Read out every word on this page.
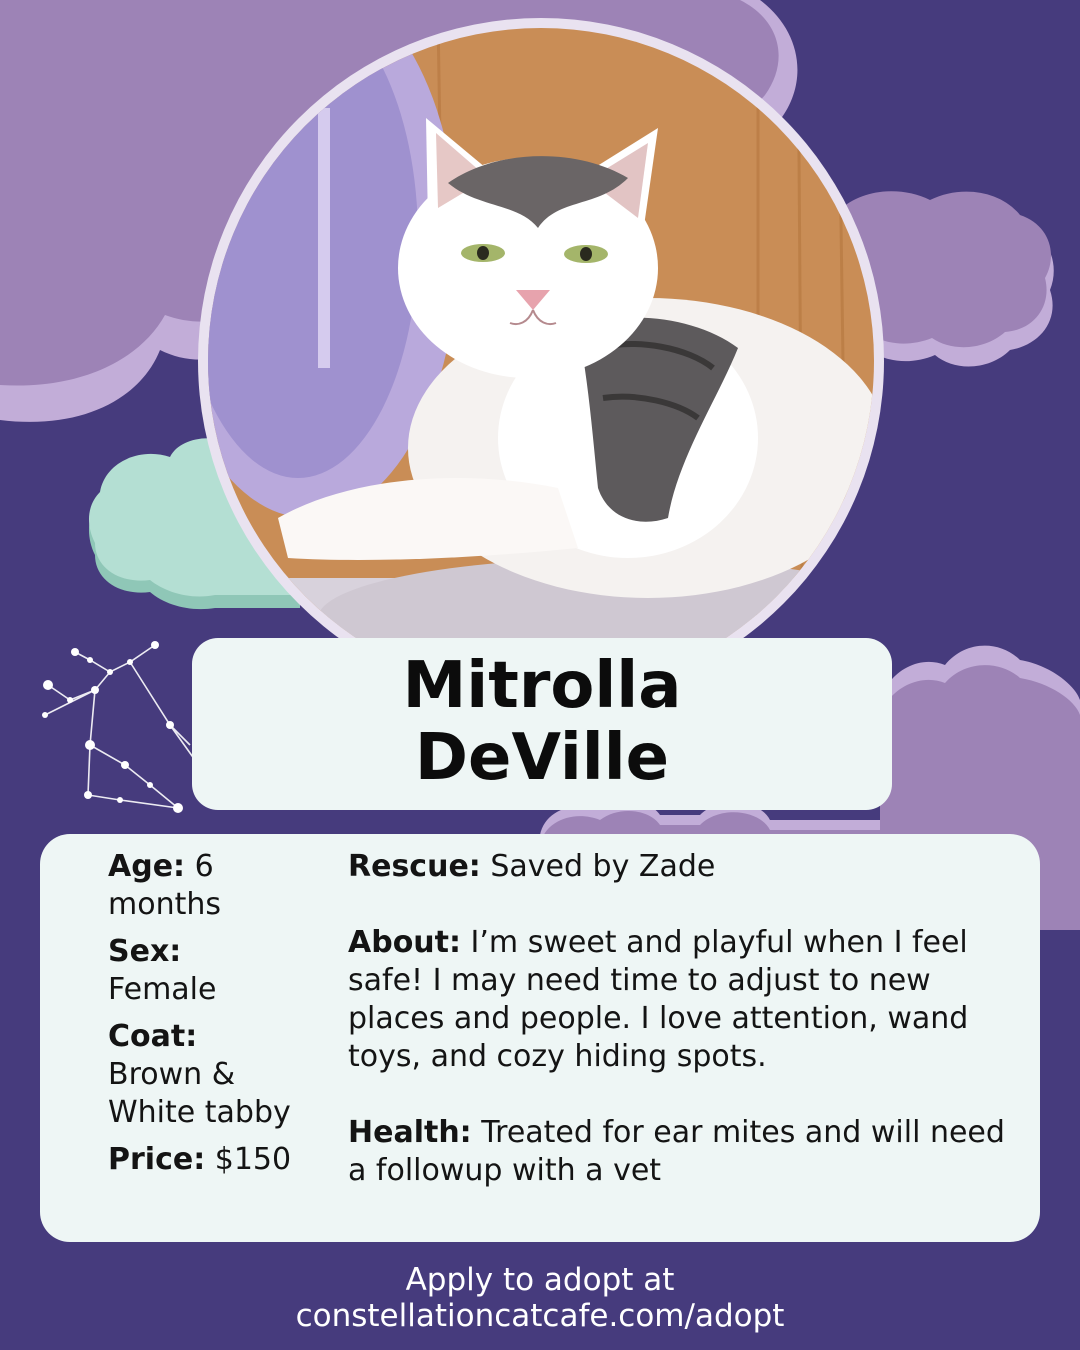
Mitrolla
DeVille

Age: 6 months

Sex:
Female

Coat:
Brown & White tabby

Price: $150

Rescue: Saved by Zade

About: I’m sweet and playful when I feel safe! I may need time to adjust to new places and people. I love attention, wand toys, and cozy hiding spots.

Health: Treated for ear mites and will need a followup with a vet

Apply to adopt at
constellationcatcafe.com/adopt
